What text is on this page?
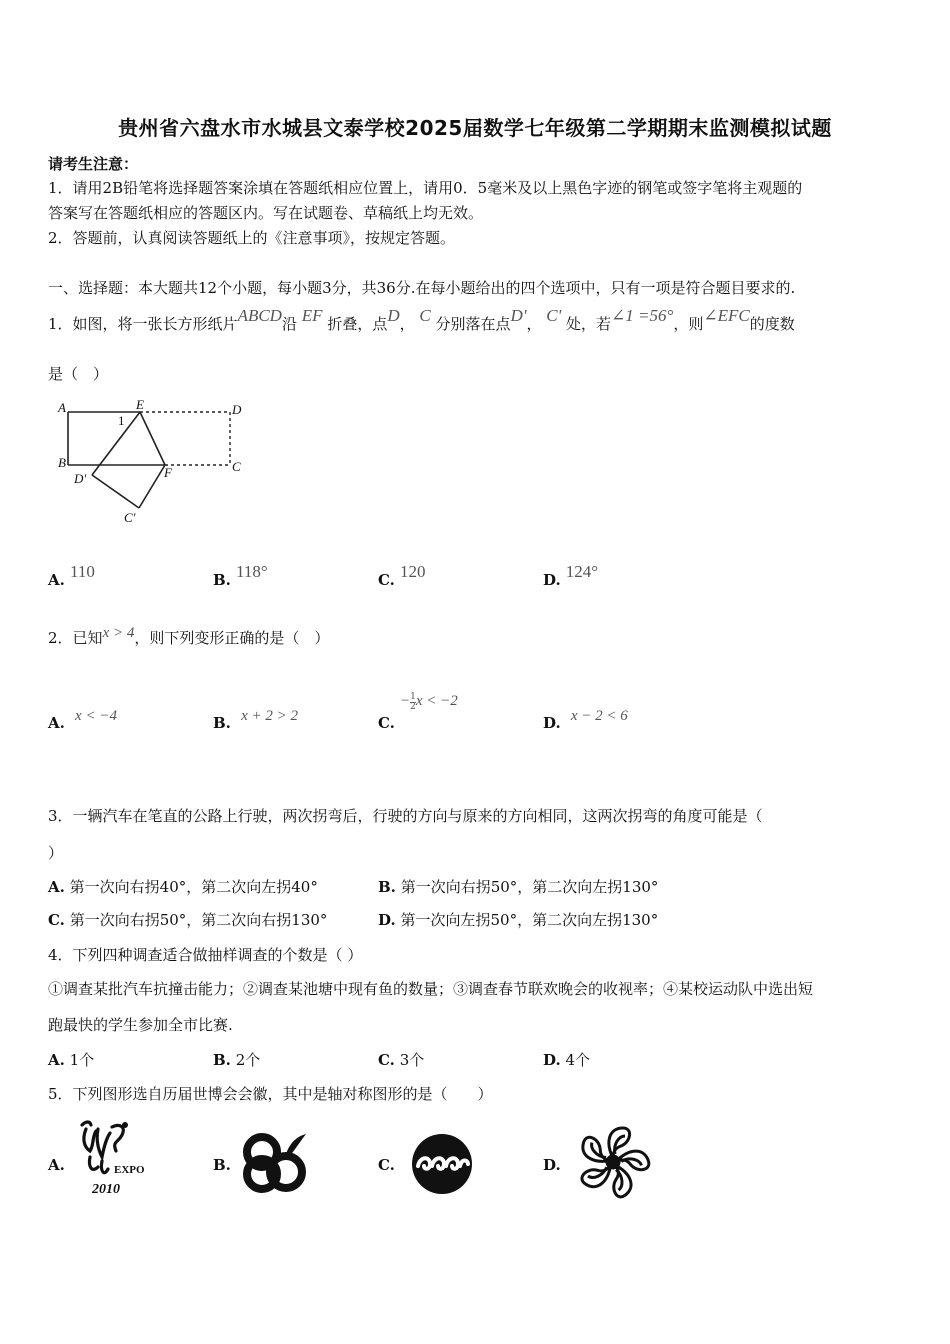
贵州省六盘水市水城县文泰学校2025届数学七年级第二学期期末监测模拟试题
请考生注意：
1．请用2B铅笔将选择题答案涂填在答题纸相应位置上，请用0．5毫米及以上黑色字迹的钢笔或签字笔将主观题的
答案写在答题纸相应的答题区内。写在试题卷、草稿纸上均无效。
2．答题前，认真阅读答题纸上的《注意事项》，按规定答题。
一、选择题：本大题共12个小题，每小题3分，共36分.在每小题给出的四个选项中，只有一项是符合题目要求的.
1．如图，将一张长方形纸片ABCD沿 EF 折叠，点D， C 分别落在点D'， C' 处，若∠1 =56°，则∠EFC的度数
是（　）
A	E	D
B
F	C
D'
C'
1
A. 110	B. 118°	C. 120	D. 124°
2．已知x > 4，则下列变形正确的是（　）
A. x < −4	B. x + 2 > 2	C. − $\frac{1}{2}$ x < −2
D. x − 2 < 6
3．一辆汽车在笔直的公路上行驶，两次拐弯后，行驶的方向与原来的方向相同，这两次拐弯的角度可能是（
）
A. 第一次向右拐40°，第二次向左拐40°	B. 第一次向右拐50°，第二次向左拐130°
C. 第一次向右拐50°，第二次向右拐130°	D. 第一次向左拐50°，第二次向左拐130°
4．下列四种调查适合做抽样调查的个数是（ ）
①调查某批汽车抗撞击能力；②调查某池塘中现有鱼的数量；③调查春节联欢晚会的收视率；④某校运动队中选出短
跑最快的学生参加全市比赛.
A. 1个	B. 2个	C. 3个	D. 4个
5．下列图形选自历届世博会会徽，其中是轴对称图形的是（　　）
A.	EXPO
2010
B.	C.	D.
